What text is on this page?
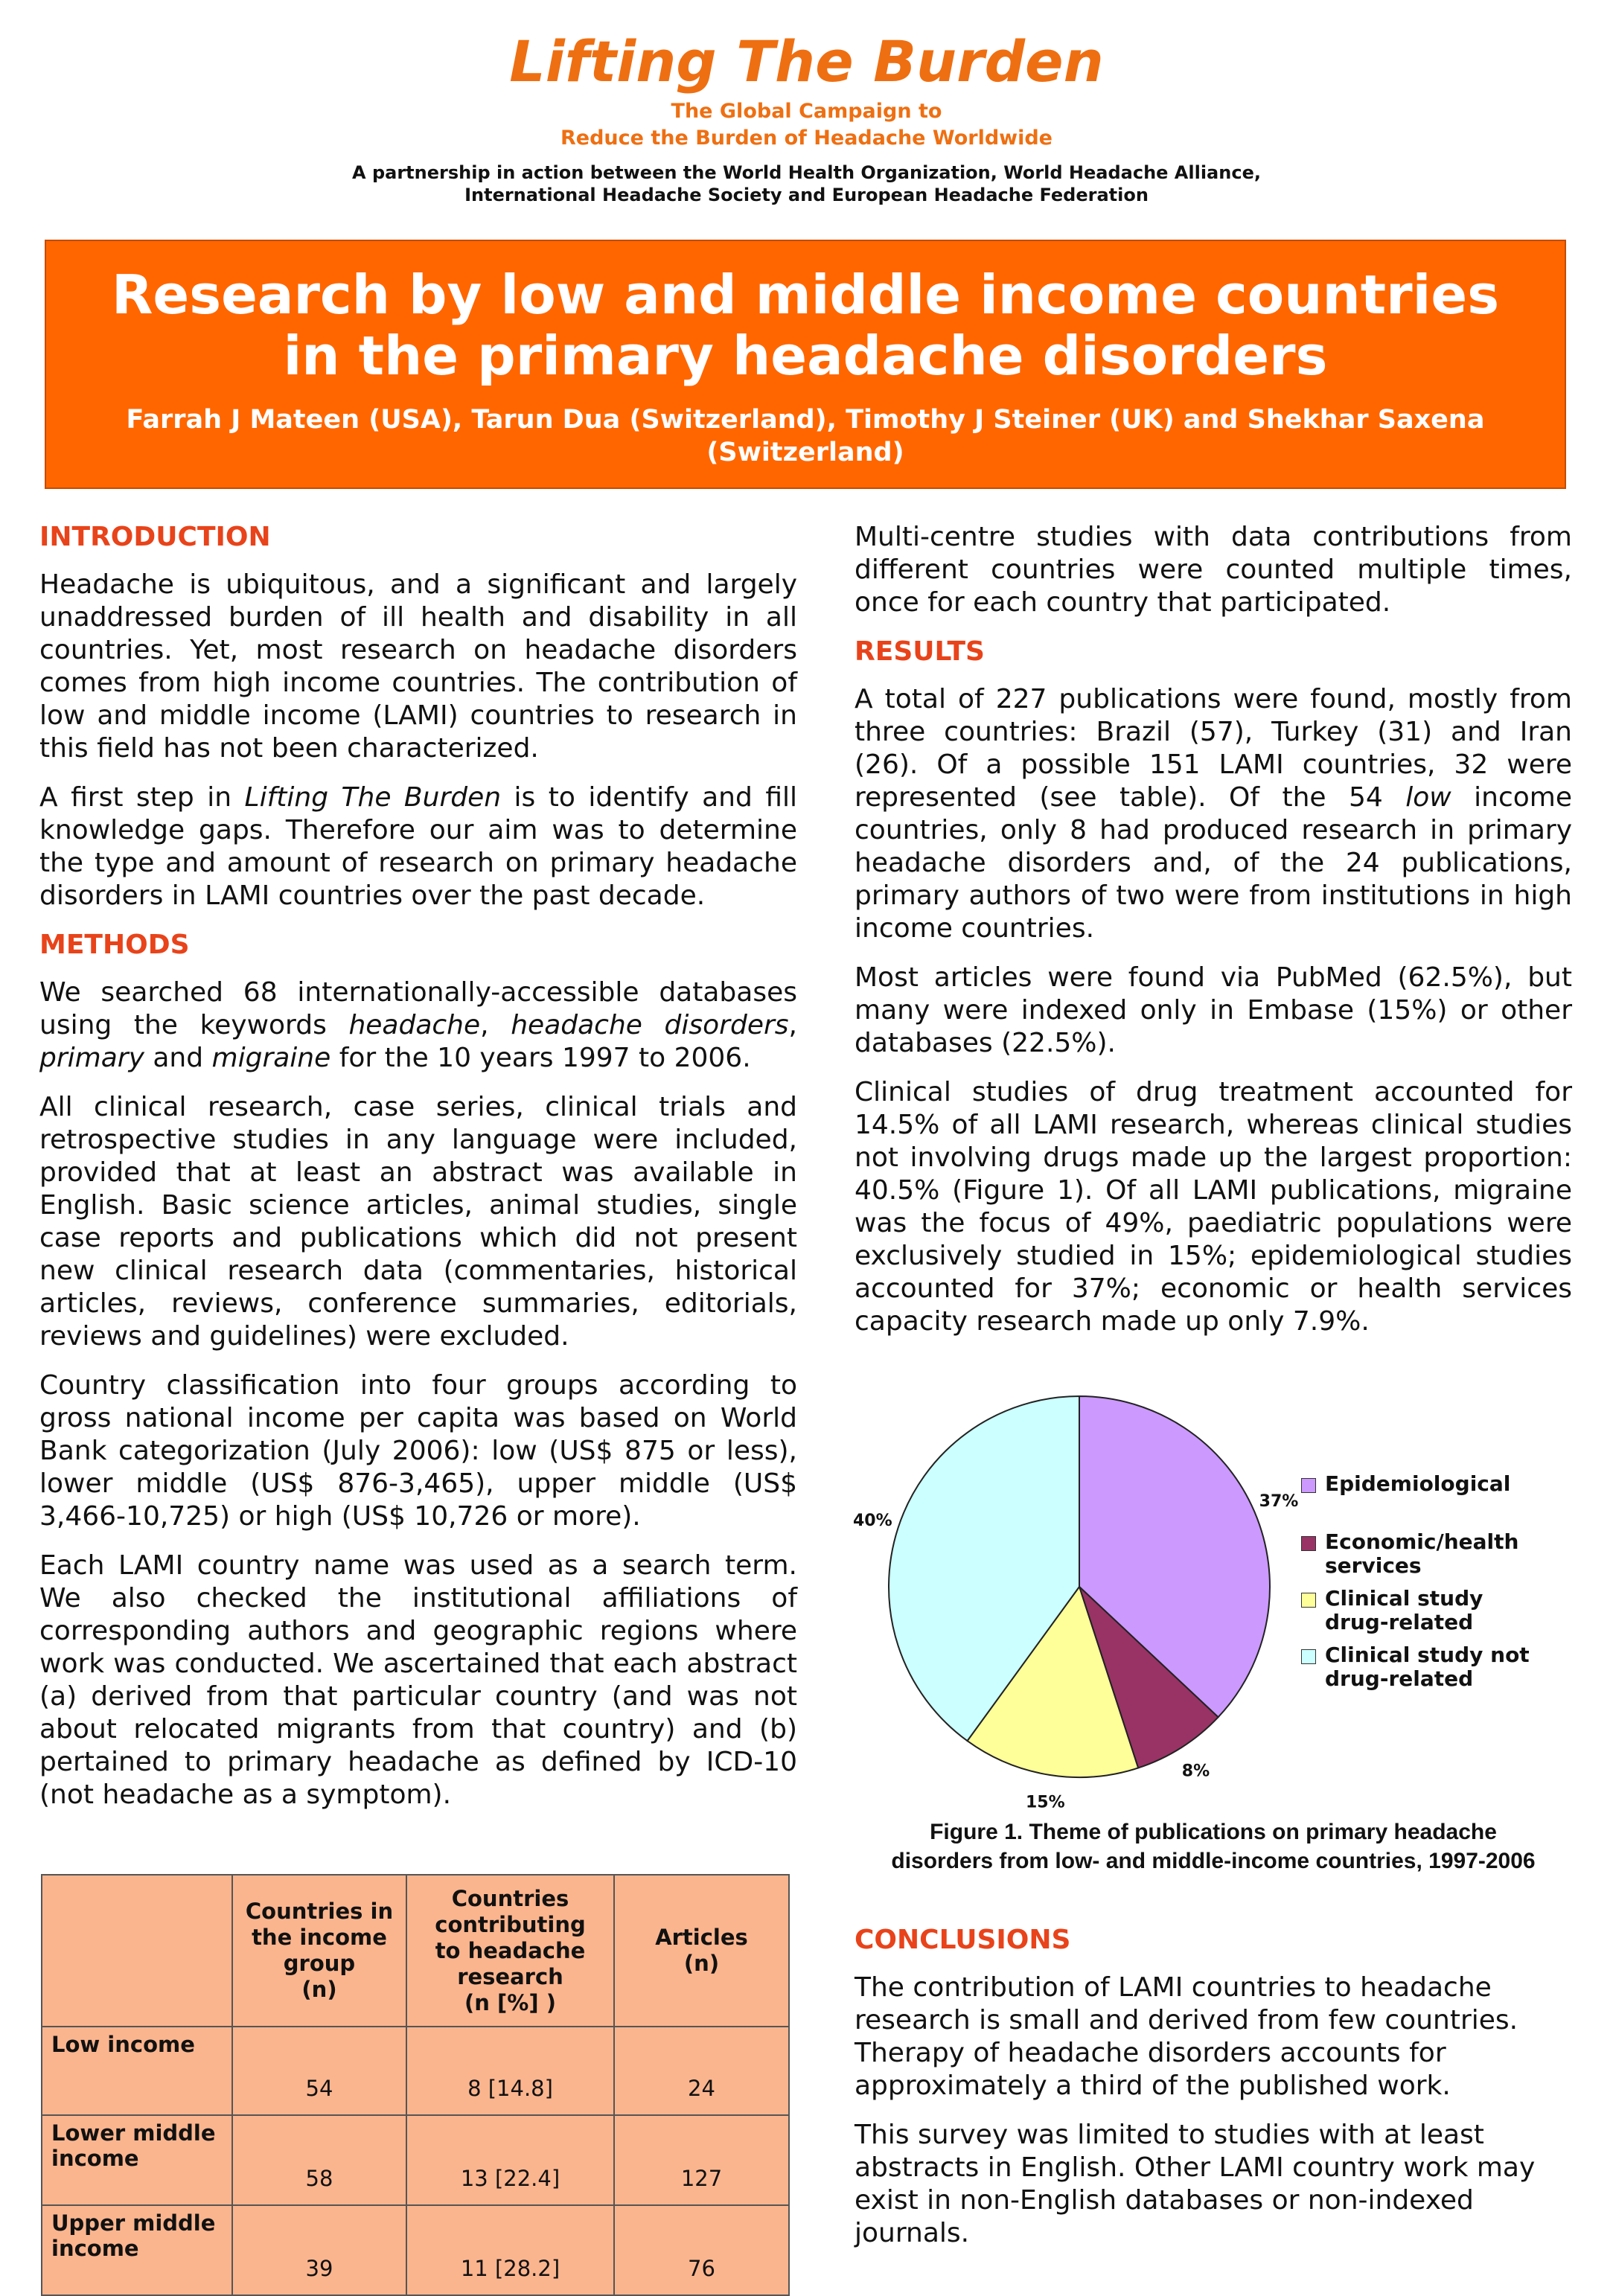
Lifting The Burden
The Global Campaign to
Reduce the Burden of Headache Worldwide
A partnership in action between the World Health Organization, World Headache Alliance,
International Headache Society and European Headache Federation
Research by low and middle income countries
in the primary headache disorders
Farrah J Mateen (USA), Tarun Dua (Switzerland), Timothy J Steiner (UK) and Shekhar Saxena
(Switzerland)
INTRODUCTION

Headache is ubiquitous, and a significant and largely unaddressed burden of ill health and disability in all countries. Yet, most research on headache disorders comes from high income countries. The contribution of low and middle income (LAMI) countries to research in this field has not been characterized.

A first step in Lifting The Burden is to identify and fill knowledge gaps. Therefore our aim was to determine the type and amount of research on primary headache disorders in LAMI countries over the past decade.

METHODS

We searched 68 internationally-accessible databases using the keywords headache, headache disorders, primary and migraine for the 10 years 1997 to 2006.

All clinical research, case series, clinical trials and retrospective studies in any language were included, provided that at least an abstract was available in English. Basic science articles, animal studies, single case reports and publications which did not present new clinical research data (commentaries, historical articles, reviews, conference summaries, editorials, reviews and guidelines) were excluded.

Country classification into four groups according to gross national income per capita was based on World Bank categorization (July 2006): low (US$ 875 or less), lower middle (US$ 876-3,465), upper middle (US$ 3,466-10,725) or high (US$ 10,726 or more).

Each LAMI country name was used as a search term. We also checked the institutional affiliations of corresponding authors and geographic regions where work was conducted. We ascertained that each abstract (a) derived from that particular country (and was not about relocated migrants from that country) and (b) pertained to primary headache as defined by ICD-10 (not headache as a symptom).

Multi-centre studies with data contributions from different countries were counted multiple times, once for each country that participated.

RESULTS

A total of 227 publications were found, mostly from three countries: Brazil (57), Turkey (31) and Iran (26). Of a possible 151 LAMI countries, 32 were represented (see table). Of the 54 low income countries, only 8 had produced research in primary headache disorders and, of the 24 publications, primary authors of two were from institutions in high income countries.

Most articles were found via PubMed (62.5%), but many were indexed only in Embase (15%) or other databases (22.5%).

Clinical studies of drug treatment accounted for 14.5% of all LAMI research, whereas clinical studies not involving drugs made up the largest proportion: 40.5% (Figure 1). Of all LAMI publications, migraine was the focus of 49%, paediatric populations were exclusively studied in 15%; epidemiological studies accounted for 37%; economic or health services capacity research made up only 7.9%.

37%
8%
15%
40%
Epidemiological
Economic/health
services
Clinical study
drug-related
Clinical study not
drug-related
Figure 1. Theme of publications on primary headache
disorders from low- and middle-income countries, 1997-2006
CONCLUSIONS

The contribution of LAMI countries to headache research is small and derived from few countries. Therapy of headache disorders accounts for approximately a third of the published work.

This survey was limited to studies with at least abstracts in English. Other LAMI country work may exist in non-English databases or non-indexed journals.

	Countries in
the income
group
(n)	Countries
contributing
to headache
research
(n [%] )	Articles
(n)
Low income	54	8 [14.8]	24
Lower middle
income	58	13 [22.4]	127
Upper middle
income	39	11 [28.2]	76
